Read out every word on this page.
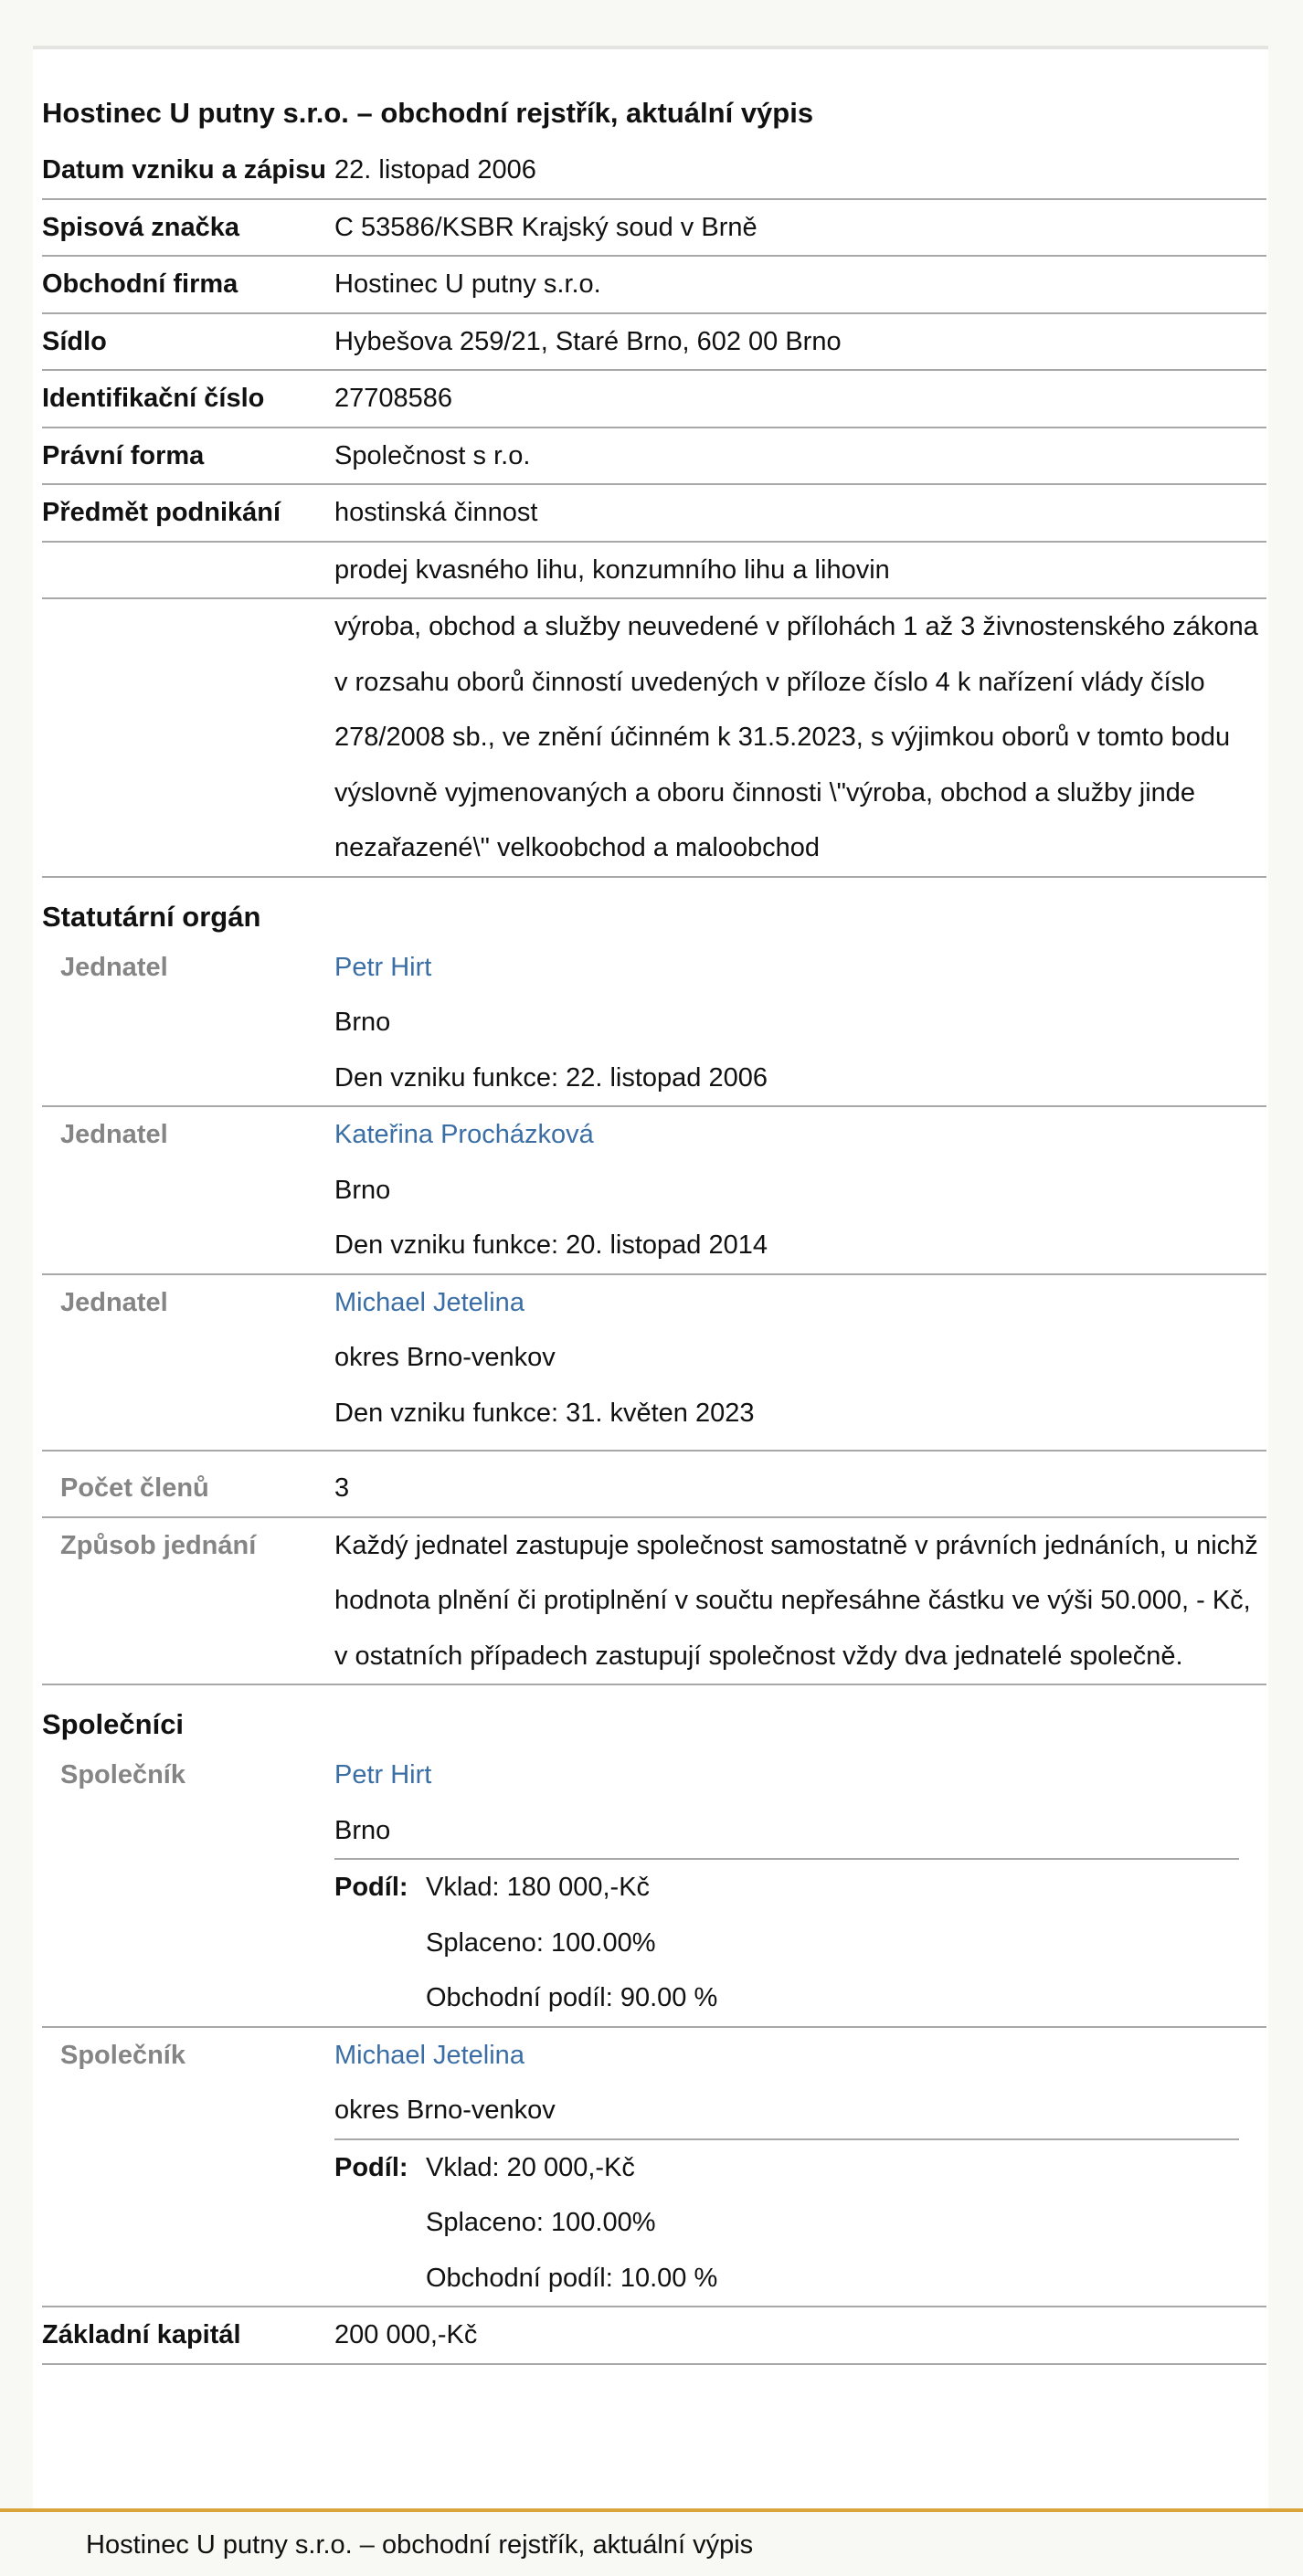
Hostinec U putny s.r.o. – obchodní rejstřík, aktuální výpis
Datum vzniku a zápisu 22. listopad 2006
Spisová značka	C 53586/KSBR Krajský soud v Brně
Obchodní firma	Hostinec U putny s.r.o.
Sídlo	Hybešova 259/21, Staré Brno, 602 00 Brno
Identifikační číslo	27708586
Právní forma	Společnost s r.o.
Předmět podnikání	hostinská činnost
prodej kvasného lihu, konzumního lihu a lihovin
výroba, obchod a služby neuvedené v přílohách 1 až 3 živnostenského zákona v rozsahu oborů činností uvedených v příloze číslo 4 k nařízení vlády číslo 278/2008 sb., ve znění účinném k 31.5.2023, s výjimkou oborů v tomto bodu výslovně vyjmenovaných a oboru činnosti \"výroba, obchod a služby jinde nezařazené\" velkoobchod a maloobchod
Statutární orgán
Jednatel	Petr Hirt
Brno
Den vzniku funkce: 22. listopad 2006
Jednatel	Kateřina Procházková
Brno
Den vzniku funkce: 20. listopad 2014
Jednatel	Michael Jetelina
okres Brno-venkov
Den vzniku funkce: 31. květen 2023
Počet členů	3
Způsob jednání	Každý jednatel zastupuje společnost samostatně v právních jednáních, u nichž hodnota plnění či protiplnění v součtu nepřesáhne částku ve výši 50.000, - Kč, v ostatních případech zastupují společnost vždy dva jednatelé společně.
Společníci
Společník	Petr Hirt
Brno
Podíl: Vklad: 180 000,-Kč
Splaceno: 100.00%
Obchodní podíl: 90.00 %
Společník	Michael Jetelina
okres Brno-venkov
Podíl: Vklad: 20 000,-Kč
Splaceno: 100.00%
Obchodní podíl: 10.00 %
Základní kapitál	200 000,-Kč
Hostinec U putny s.r.o. – obchodní rejstřík, aktuální výpis
